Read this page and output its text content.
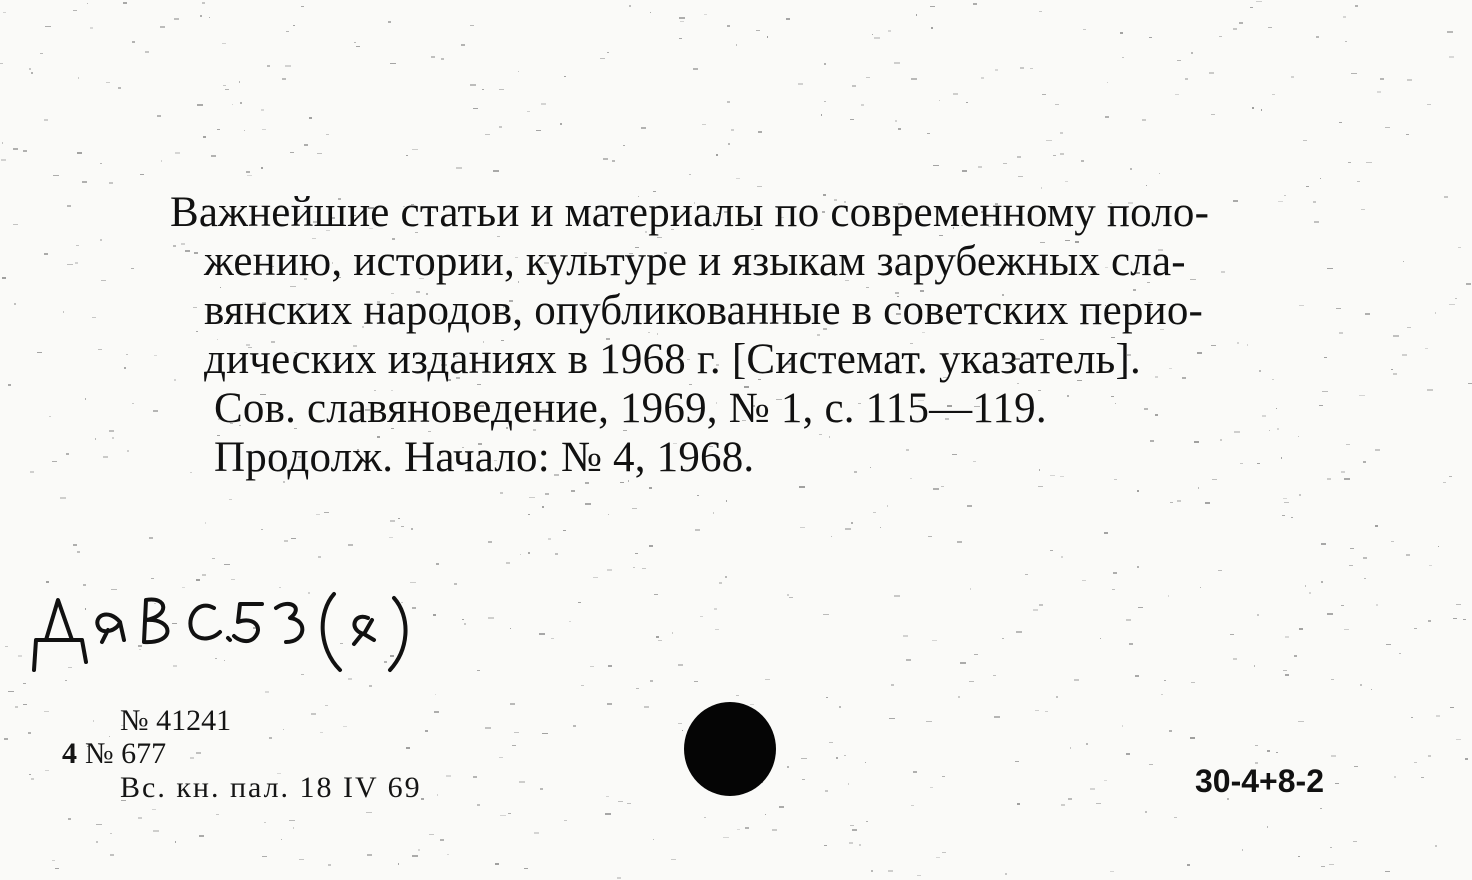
Важнейшие статьи и материалы по современному поло-
жению, истории, культуре и языкам зарубежных сла-
вянских народов, опубликованные в советских перио-
дических изданиях в 1968 г. [Системат. указатель].
Сов. славяноведение, 1969, № 1, с. 115—119.
Продолж. Начало: № 4, 1968.
№ 41241
4 № 677
Вс. кн. пал. 18 IV 69	30-4+8-2
